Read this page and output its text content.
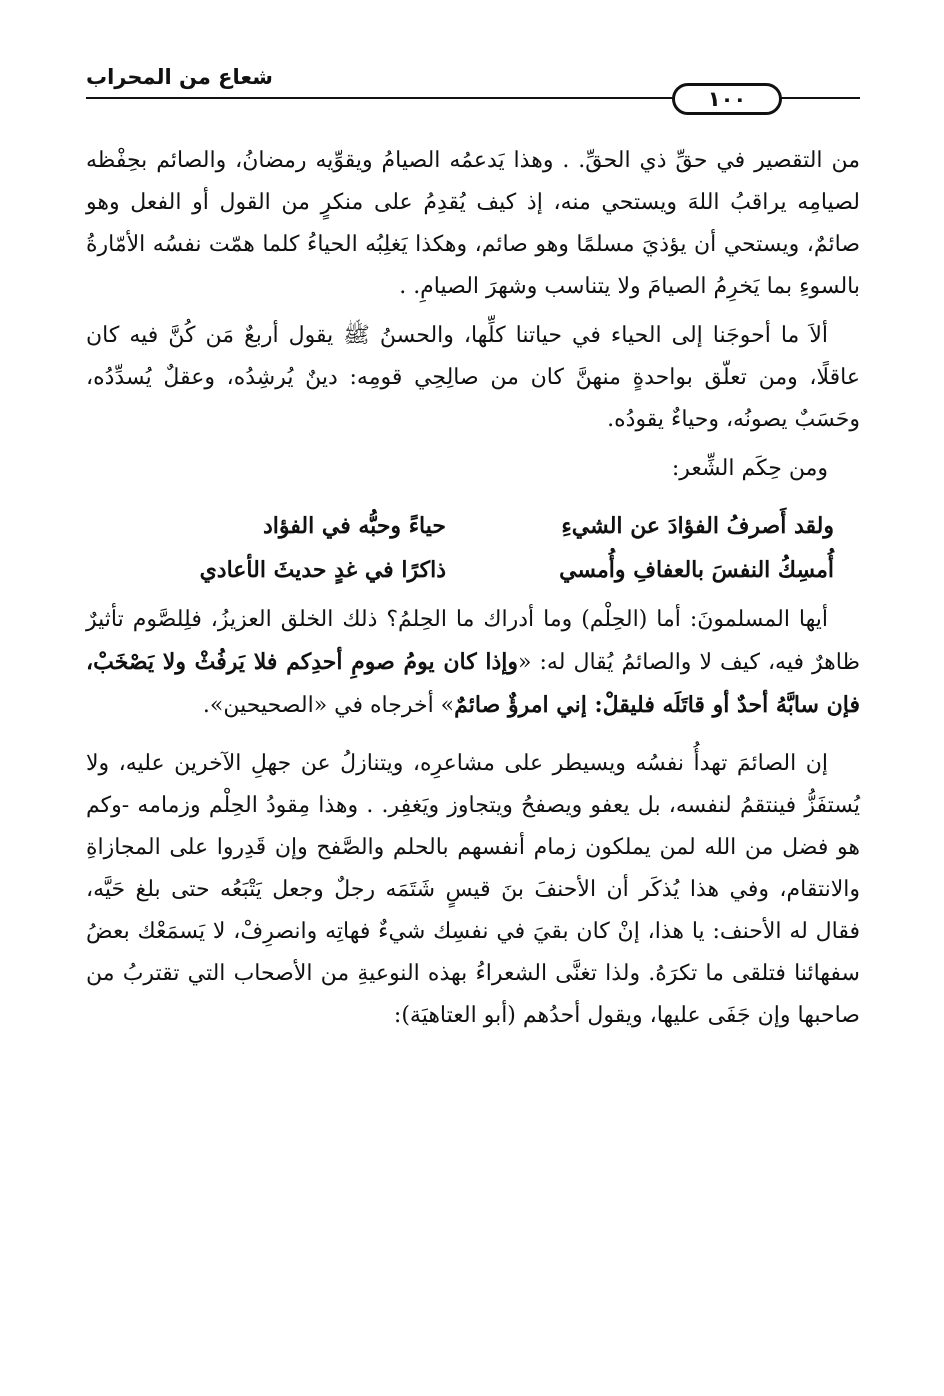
شعاع من المحراب
١٠٠

من التقصير في حقِّ ذي الحقِّ. . وهذا يَدعمُه الصيامُ ويقوِّيه رمضانُ، والصائم بحِفْظه لصيامِه يراقبُ اللهَ ويستحي منه، إذ كيف يُقدِمُ على منكرٍ من القول أو الفعل وهو صائمٌ، ويستحي أن يؤذيَ مسلمًا وهو صائم، وهكذا يَغلِبُه الحياءُ كلما همّت نفسُه الأمّارةُ بالسوءِ بما يَخرِمُ الصيامَ ولا يتناسب وشهرَ الصيامِ. .

ألاَ ما أحوجَنا إلى الحياء في حياتنا كلِّها، والحسنُ ﷺ يقول أربعٌ مَن كُنَّ فيه كان عاقلًا، ومن تعلّق بواحدةٍ منهنَّ كان من صالِحِي قومِه: دينٌ يُرشِدُه، وعقلٌ يُسدِّدُه، وحَسَبٌ يصونُه، وحياءٌ يقودُه.

ومن حِكَم الشِّعر:

ولقد أَصرفُ الفؤادَ عن الشيءِ
حياءً وحبُّه في الفؤاد
أُمسِكُ النفسَ بالعفافِ وأُمسي
ذاكرًا في غدٍ حديثَ الأعادي

أيها المسلمونَ: أما (الحِلْم) وما أدراك ما الحِلمُ؟ ذلك الخلق العزيزُ، فلِلصَّوم تأثيرٌ ظاهرٌ فيه، كيف لا والصائمُ يُقال له: «وإذا كان يومُ صومِ أحدِكم فلا يَرفُثْ ولا يَصْخَبْ، فإن سابَّهُ أحدٌ أو قاتَلَه فليقلْ: إني امرؤٌ صائمٌ» أخرجاه في «الصحيحين».

إن الصائمَ تهدأُ نفسُه ويسيطر على مشاعرِه، ويتنازلُ عن جهلِ الآخرين عليه، ولا يُستفَزُّ فينتقمُ لنفسه، بل يعفو ويصفحُ ويتجاوز ويَغفِر. . وهذا مِقودُ الحِلْم وزمامه -وكم هو فضل من الله لمن يملكون زمام أنفسهم بالحلم والصَّفح وإن قَدِروا على المجازاةِ والانتقام، وفي هذا يُذكَر أن الأحنفَ بنَ قيسٍ شَتَمَه رجلٌ وجعل يَتْبَعُه حتى بلغ حَيَّه، فقال له الأحنف: يا هذا، إنْ كان بقيَ في نفسِك شيءٌ فهاتِه وانصرِفْ، لا يَسمَعْك بعضُ سفهائنا فتلقى ما تكرَهُ. ولذا تغنَّى الشعراءُ بهذه النوعيةِ من الأصحاب التي تقتربُ من صاحبها وإن جَفَى عليها، ويقول أحدُهم (أبو العتاهيَة):
